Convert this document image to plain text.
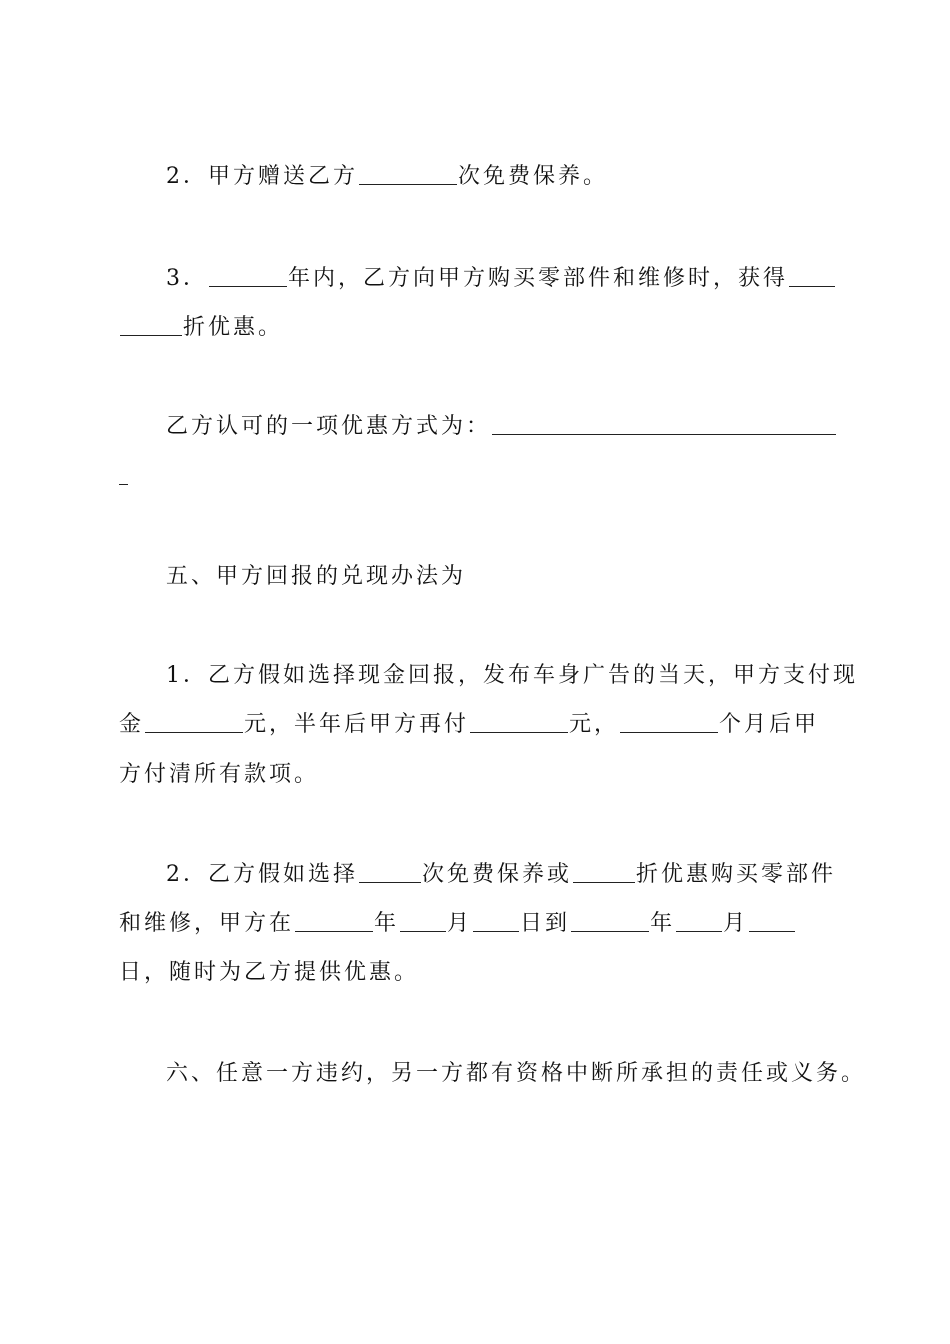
2．甲方赠送乙方	次免费保养。
3．	年内，乙方向甲方购买零部件和维修时，获得
折优惠。
乙方认可的一项优惠方式为：
五、甲方回报的兑现办法为
1．乙方假如选择现金回报，发布车身广告的当天，甲方支付现
金	元，半年后甲方再付	元，	个月后甲
方付清所有款项。
2．乙方假如选择	次免费保养或	折优惠购买零部件
和维修，甲方在	年 月 日到	年 月
日，随时为乙方提供优惠。
六、任意一方违约，另一方都有资格中断所承担的责任或义务。
